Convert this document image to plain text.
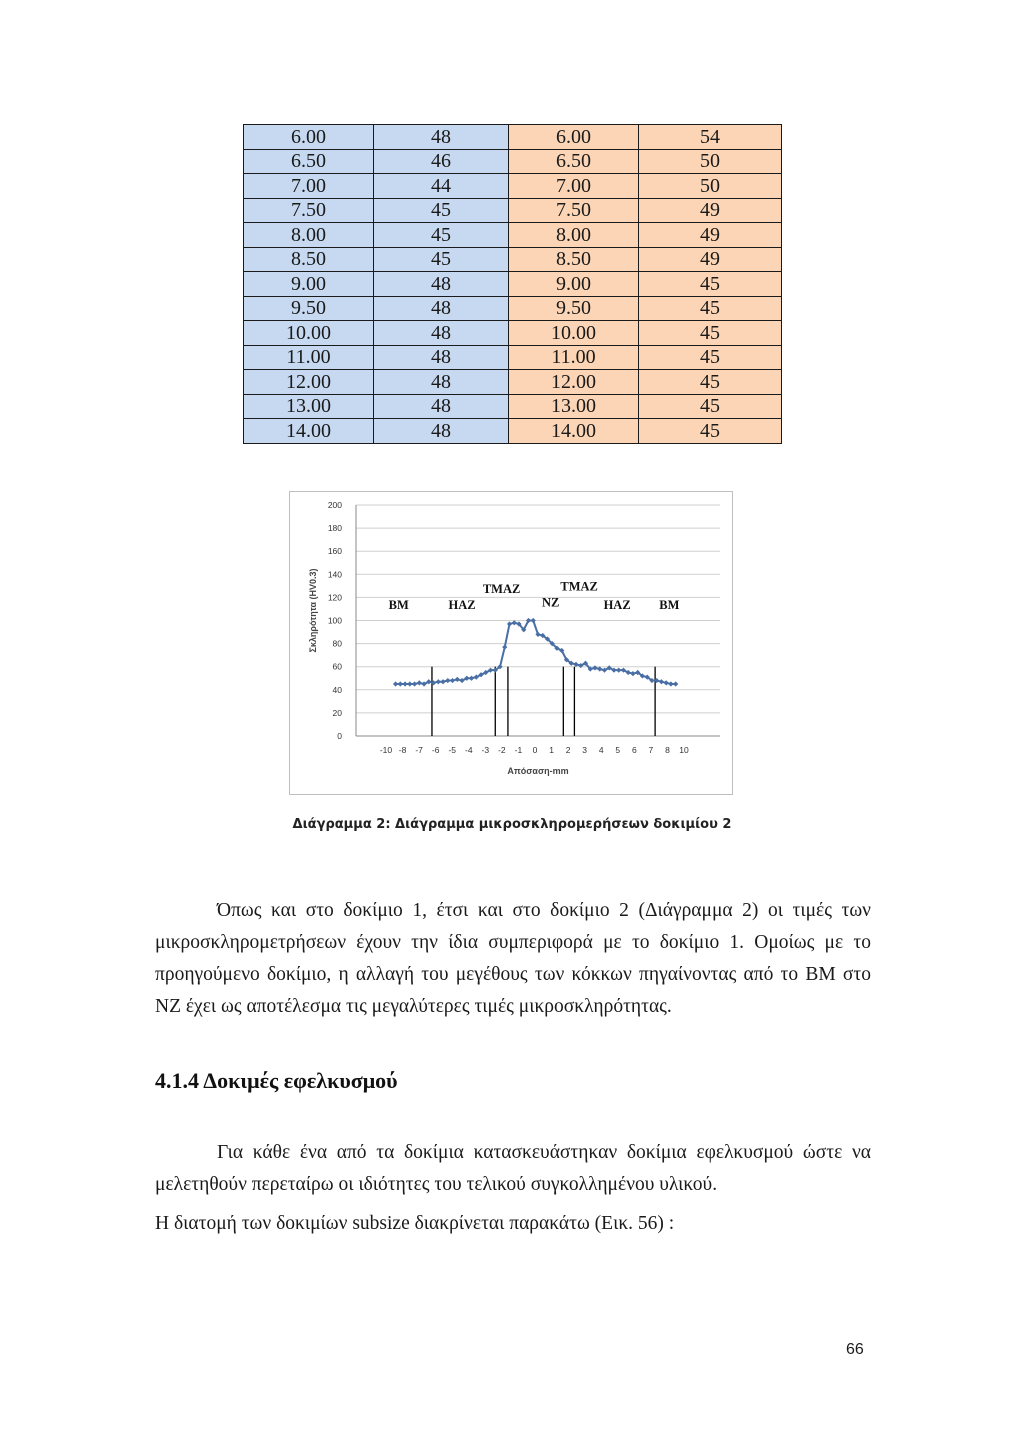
6.00	48	6.00	54
6.50	46	6.50	50
7.00	44	7.00	50
7.50	45	7.50	49
8.00	45	8.00	49
8.50	45	8.50	49
9.00	48	9.00	45
9.50	48	9.50	45
10.00	48	10.00	45
11.00	48	11.00	45
12.00	48	12.00	45
13.00	48	13.00	45
14.00	48	14.00	45
0
20
40
60
80
100
120
140
160
180
200
-10 -8 -7 -6 -5 -4 -3 -2 -1 0 1 2 3 4 5 6 7 8 10
Απόσαση-mm
Σκληρότητα (HV0.3)	BM	HAZ
TMAZ
NZ
TMAZ
HAZ BM
Διάγραμμα 2: Διάγραμμα μικροσκληρομερήσεων δοκιμίου 2
Όπως και στο δοκίμιο 1, έτσι και στο δοκίμιο 2 (Διάγραμμα 2) οι τιμές των μικροσκληρομετρήσεων έχουν την ίδια συμπεριφορά με το δοκίμιο 1. Ομοίως με το προηγούμενο δοκίμιο, η αλλαγή του μεγέθους των κόκκων πηγαίνοντας από το BM στο NZ έχει ως αποτέλεσμα τις μεγαλύτερες τιμές μικροσκληρότητας.
4.1.4 Δοκιμές εφελκυσμού
Για κάθε ένα από τα δοκίμια κατασκευάστηκαν δοκίμια εφελκυσμού ώστε να μελετηθούν περεταίρω οι ιδιότητες του τελικού συγκολλημένου υλικού.
Η διατομή των δοκιμίων subsize διακρίνεται παρακάτω (Εικ. 56) :
66
